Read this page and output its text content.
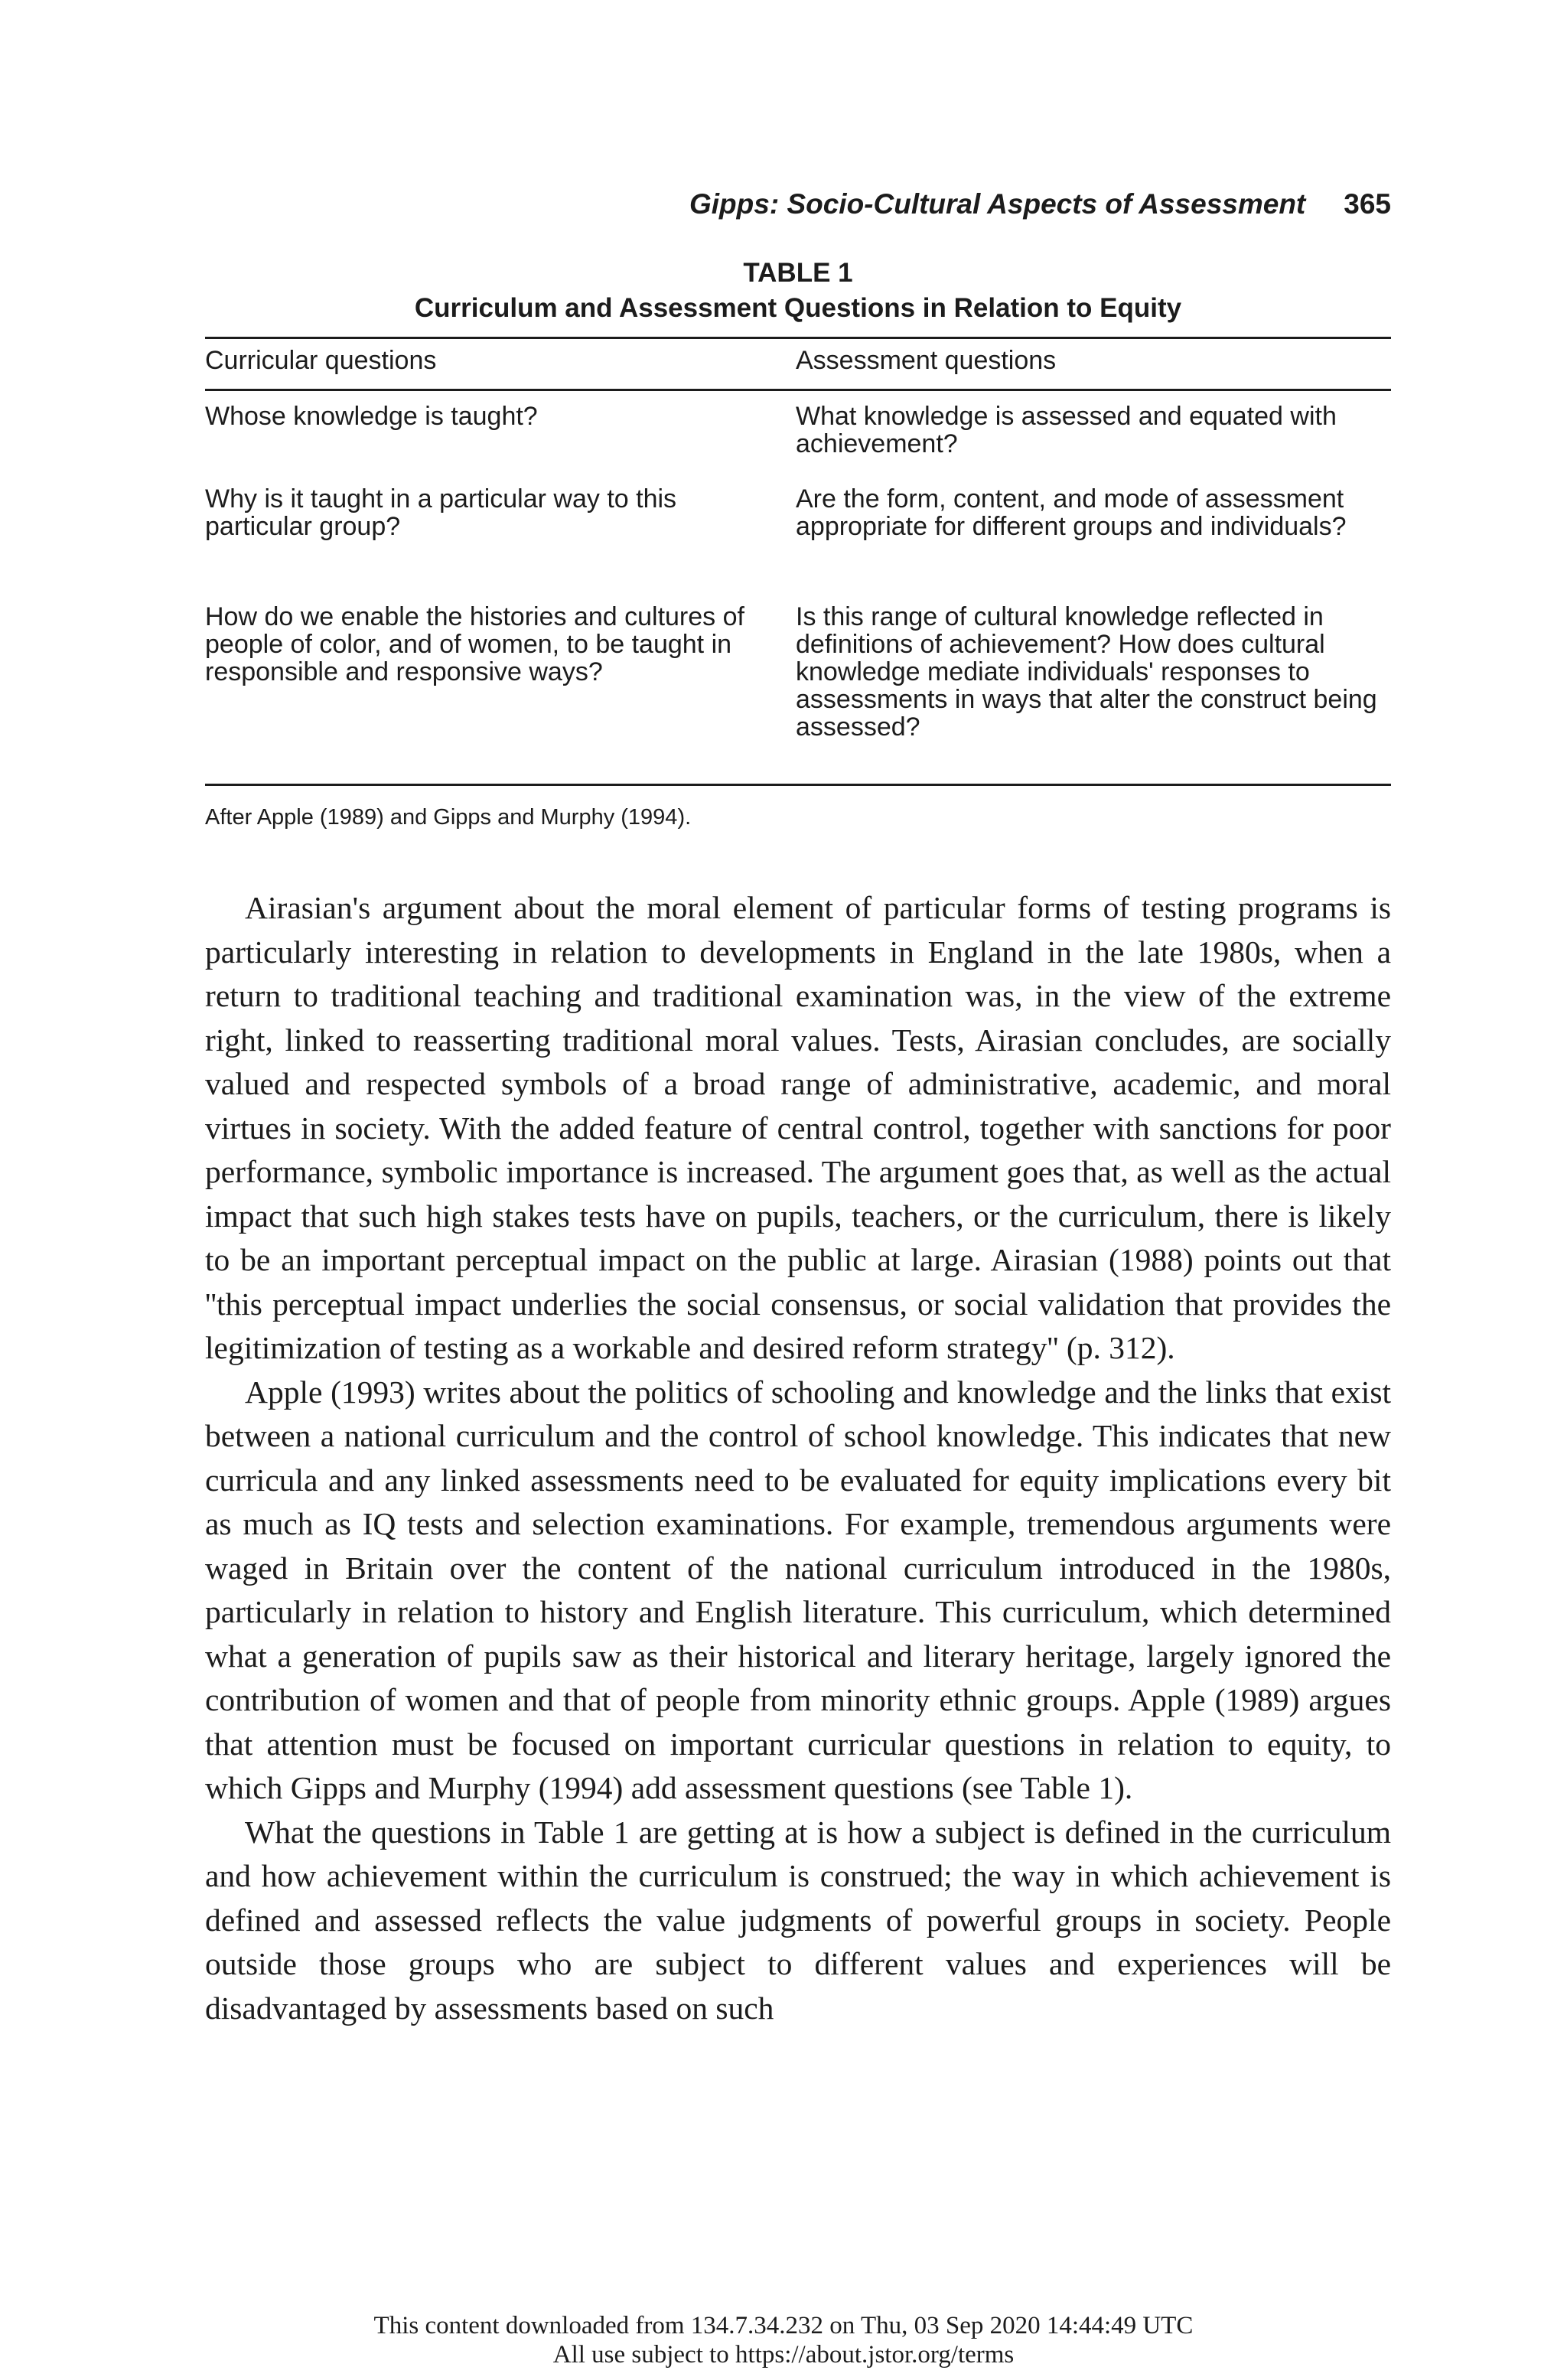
Gipps: Socio-Cultural Aspects of Assessment 365
TABLE 1
Curriculum and Assessment Questions in Relation to Equity
Curricular questions	Assessment questions
Whose knowledge is taught?	What knowledge is assessed and equated with achievement?
Why is it taught in a particular way to this particular group?
Are the form, content, and mode of assessment appropriate for different groups and individuals?
How do we enable the histories and cultures of people of color, and of women, to be taught in responsible and responsive ways?
Is this range of cultural knowledge reflected in definitions of achievement? How does cultural knowledge mediate individuals' responses to assessments in ways that alter the construct being assessed?
After Apple (1989) and Gipps and Murphy (1994).

Airasian's argument about the moral element of particular forms of testing programs is particularly interesting in relation to developments in England in the late 1980s, when a return to traditional teaching and traditional examination was, in the view of the extreme right, linked to reasserting traditional moral values. Tests, Airasian concludes, are socially valued and respected symbols of a broad range of administrative, academic, and moral virtues in society. With the added feature of central control, together with sanctions for poor performance, symbolic importance is increased. The argument goes that, as well as the actual impact that such high stakes tests have on pupils, teachers, or the curriculum, there is likely to be an important perceptual impact on the public at large. Airasian (1988) points out that ''this perceptual impact underlies the social consensus, or social validation that provides the legitimization of testing as a workable and desired reform strategy'' (p. 312).

Apple (1993) writes about the politics of schooling and knowledge and the links that exist between a national curriculum and the control of school knowledge. This indicates that new curricula and any linked assessments need to be evaluated for equity implications every bit as much as IQ tests and selection examinations. For example, tremendous arguments were waged in Britain over the content of the national curriculum introduced in the 1980s, particularly in relation to history and English literature. This curriculum, which determined what a generation of pupils saw as their historical and literary heritage, largely ignored the contribution of women and that of people from minority ethnic groups. Apple (1989) argues that attention must be focused on important curricular questions in relation to equity, to which Gipps and Murphy (1994) add assessment questions (see Table 1).

What the questions in Table 1 are getting at is how a subject is defined in the curriculum and how achievement within the curriculum is construed; the way in which achievement is defined and assessed reflects the value judgments of powerful groups in society. People outside those groups who are subject to different values and experiences will be disadvantaged by assessments based on such

This content downloaded from 134.7.34.232 on Thu, 03 Sep 2020 14:44:49 UTC
All use subject to https://about.jstor.org/terms
